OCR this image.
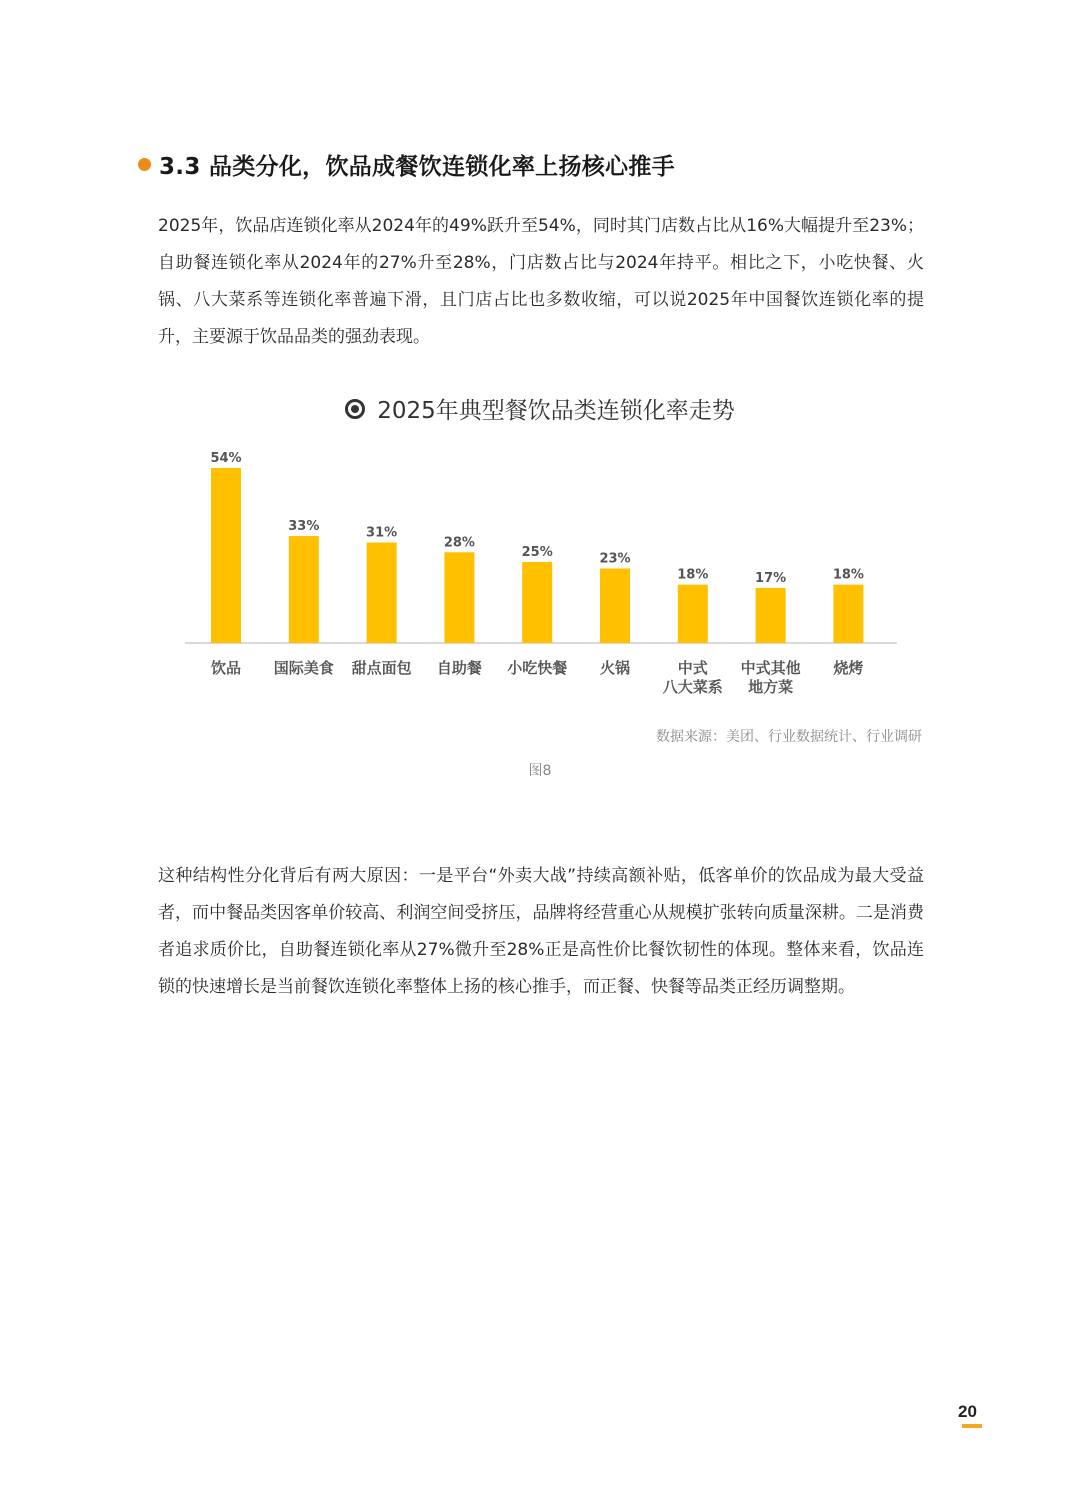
3.3 品类分化，饮品成餐饮连锁化率上扬核心推手
2025年，饮品店连锁化率从2024年的49%跃升至54%，同时其门店数占比从16%大幅提升至23%；自助餐连锁化率从2024年的27%升至28%，门店数占比与2024年持平。相比之下，小吃快餐、火锅、八大菜系等连锁化率普遍下滑，且门店占比也多数收缩，可以说2025年中国餐饮连锁化率的提升，主要源于饮品品类的强劲表现。
2025年典型餐饮品类连锁化率走势
54%
饮品
33%
国际美食
31%
甜点面包
28%
自助餐
25%
小吃快餐
23%
火锅
18%
中式
八大菜系
17%
中式其他
地方菜
18%
烧烤
数据来源：美团、行业数据统计、行业调研
图8
这种结构性分化背后有两大原因：一是平台“外卖大战”持续高额补贴，低客单价的饮品成为最大受益者，而中餐品类因客单价较高、利润空间受挤压，品牌将经营重心从规模扩张转向质量深耕。二是消费者追求质价比，自助餐连锁化率从27%微升至28%正是高性价比餐饮韧性的体现。整体来看，饮品连锁的快速增长是当前餐饮连锁化率整体上扬的核心推手，而正餐、快餐等品类正经历调整期。
20
